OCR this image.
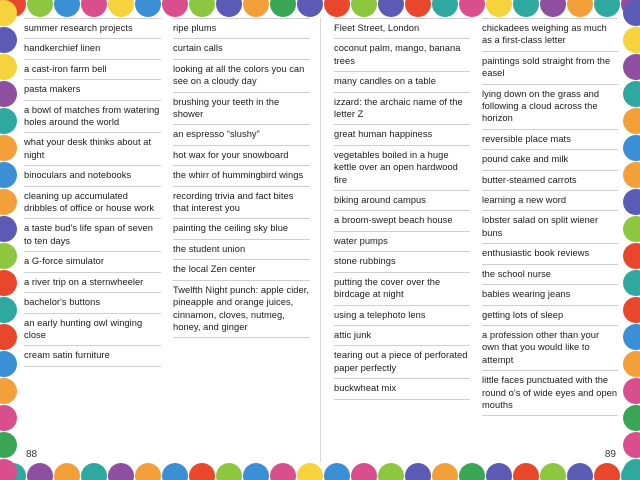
summer research projects
handkerchief linen
a cast-iron farm bell
pasta makers
a bowl of matches from watering holes around the world
what your desk thinks about at night
binoculars and notebooks
cleaning up accumulated dribbles of office or house work
a taste bud's life span of seven to ten days
a G-force simulator
a river trip on a sternwheeler
bachelor's buttons
an early hunting owl winging close
cream satin furniture
ripe plums
curtain calls
looking at all the colors you can see on a cloudy day
brushing your teeth in the shower
an espresso “slushy”
hot wax for your snowboard
the whirr of hummingbird wings
recording trivia and fact bites that interest you
painting the ceiling sky blue
the student union
the local Zen center
Twelfth Night punch: apple cider, pineapple and orange juices, cinnamon, cloves, nutmeg, honey, and ginger
88
Fleet Street, London
coconut palm, mango, banana trees
many candles on a table
izzard: the archaic name of the letter Z
great human happiness
vegetables boiled in a huge kettle over an open hardwood fire
biking around campus
a broom-swept beach house
water pumps
stone rubbings
putting the cover over the birdcage at night
using a telephoto lens
attic junk
tearing out a piece of perforated paper perfectly
buckwheat mix
chickadees weighing as much as a first-class letter
paintings sold straight from the easel
lying down on the grass and following a cloud across the horizon
reversible place mats
pound cake and milk
butter-steamed carrots
learning a new word
lobster salad on split wiener buns
enthusiastic book reviews
the school nurse
babies wearing jeans
getting lots of sleep
a profession other than your own that you would like to attempt
little faces punctuated with the round o's of wide eyes and open mouths
89
